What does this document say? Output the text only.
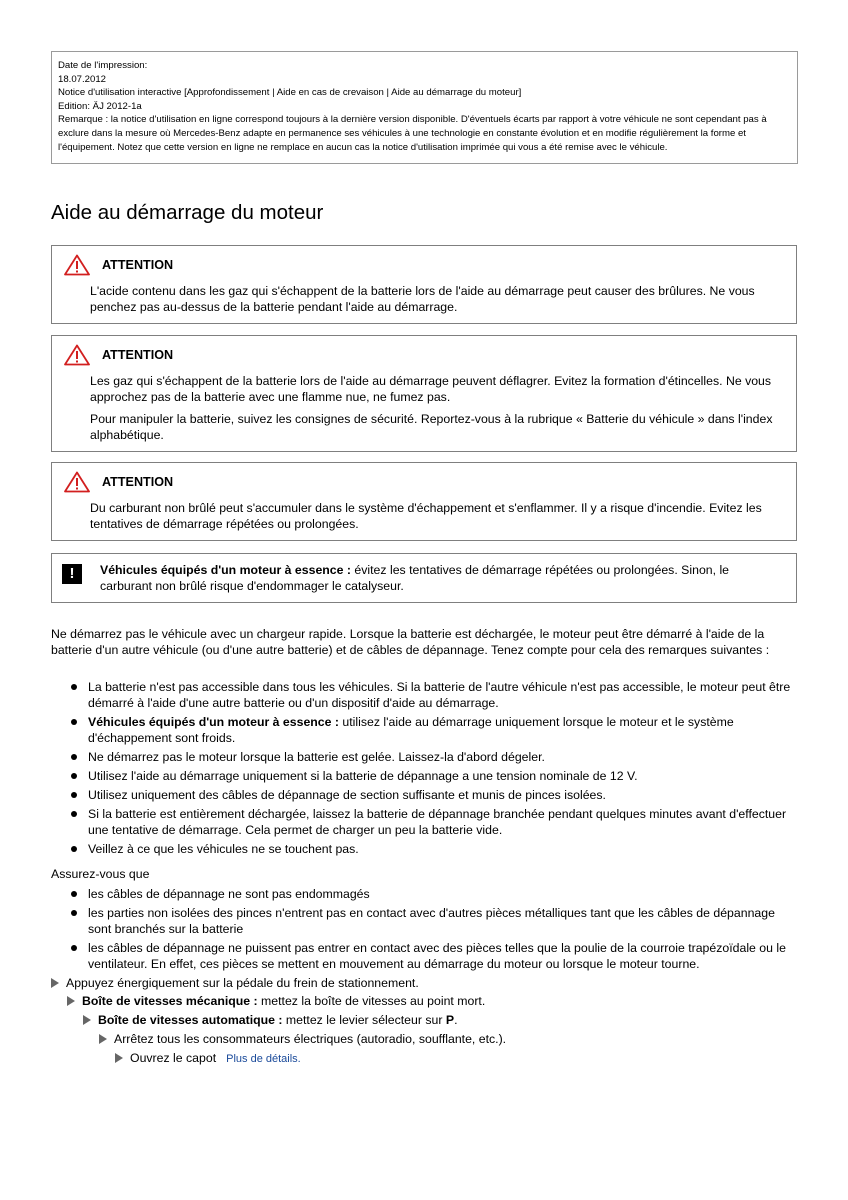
Date de l'impression:
18.07.2012
Notice d'utilisation interactive [Approfondissement | Aide en cas de crevaison | Aide au démarrage du moteur]
Edition: ÄJ 2012-1a
Remarque : la notice d'utilisation en ligne correspond toujours à la dernière version disponible. D'éventuels écarts par rapport à votre véhicule ne sont cependant pas à exclure dans la mesure où Mercedes-Benz adapte en permanence ses véhicules à une technologie en constante évolution et en modifie régulièrement la forme et l'équipement. Notez que cette version en ligne ne remplace en aucun cas la notice d'utilisation imprimée qui vous a été remise avec le véhicule.
Aide au démarrage du moteur
ATTENTION

L'acide contenu dans les gaz qui s'échappent de la batterie lors de l'aide au démarrage peut causer des brûlures. Ne vous penchez pas au-dessus de la batterie pendant l'aide au démarrage.

ATTENTION

Les gaz qui s'échappent de la batterie lors de l'aide au démarrage peuvent déflagrer. Evitez la formation d'étincelles. Ne vous approchez pas de la batterie avec une flamme nue, ne fumez pas.

Pour manipuler la batterie, suivez les consignes de sécurité. Reportez-vous à la rubrique « Batterie du véhicule » dans l'index alphabétique.

ATTENTION

Du carburant non brûlé peut s'accumuler dans le système d'échappement et s'enflammer. Il y a risque d'incendie. Evitez les tentatives de démarrage répétées ou prolongées.

!	Véhicules équipés d'un moteur à essence : évitez les tentatives de démarrage répétées ou prolongées. Sinon, le carburant non brûlé risque d'endommager le catalyseur.
Ne démarrez pas le véhicule avec un chargeur rapide. Lorsque la batterie est déchargée, le moteur peut être démarré à l'aide de la batterie d'un autre véhicule (ou d'une autre batterie) et de câbles de dépannage. Tenez compte pour cela des remarques suivantes :
La batterie n'est pas accessible dans tous les véhicules. Si la batterie de l'autre véhicule n'est pas accessible, le moteur peut être démarré à l'aide d'une autre batterie ou d'un dispositif d'aide au démarrage.
Véhicules équipés d'un moteur à essence : utilisez l'aide au démarrage uniquement lorsque le moteur et le système d'échappement sont froids.
Ne démarrez pas le moteur lorsque la batterie est gelée. Laissez-la d'abord dégeler.
Utilisez l'aide au démarrage uniquement si la batterie de dépannage a une tension nominale de 12 V.
Utilisez uniquement des câbles de dépannage de section suffisante et munis de pinces isolées.
Si la batterie est entièrement déchargée, laissez la batterie de dépannage branchée pendant quelques minutes avant d'effectuer une tentative de démarrage. Cela permet de charger un peu la batterie vide.
Veillez à ce que les véhicules ne se touchent pas.
Assurez-vous que
les câbles de dépannage ne sont pas endommagés
les parties non isolées des pinces n'entrent pas en contact avec d'autres pièces métalliques tant que les câbles de dépannage sont branchés sur la batterie
les câbles de dépannage ne puissent pas entrer en contact avec des pièces telles que la poulie de la courroie trapézoïdale ou le ventilateur. En effet, ces pièces se mettent en mouvement au démarrage du moteur ou lorsque le moteur tourne.
Appuyez énergiquement sur la pédale du frein de stationnement.
Boîte de vitesses mécanique : mettez la boîte de vitesses au point mort.
Boîte de vitesses automatique : mettez le levier sélecteur sur P.
Arrêtez tous les consommateurs électriques (autoradio, soufflante, etc.).
Ouvrez le capot Plus de détails.
